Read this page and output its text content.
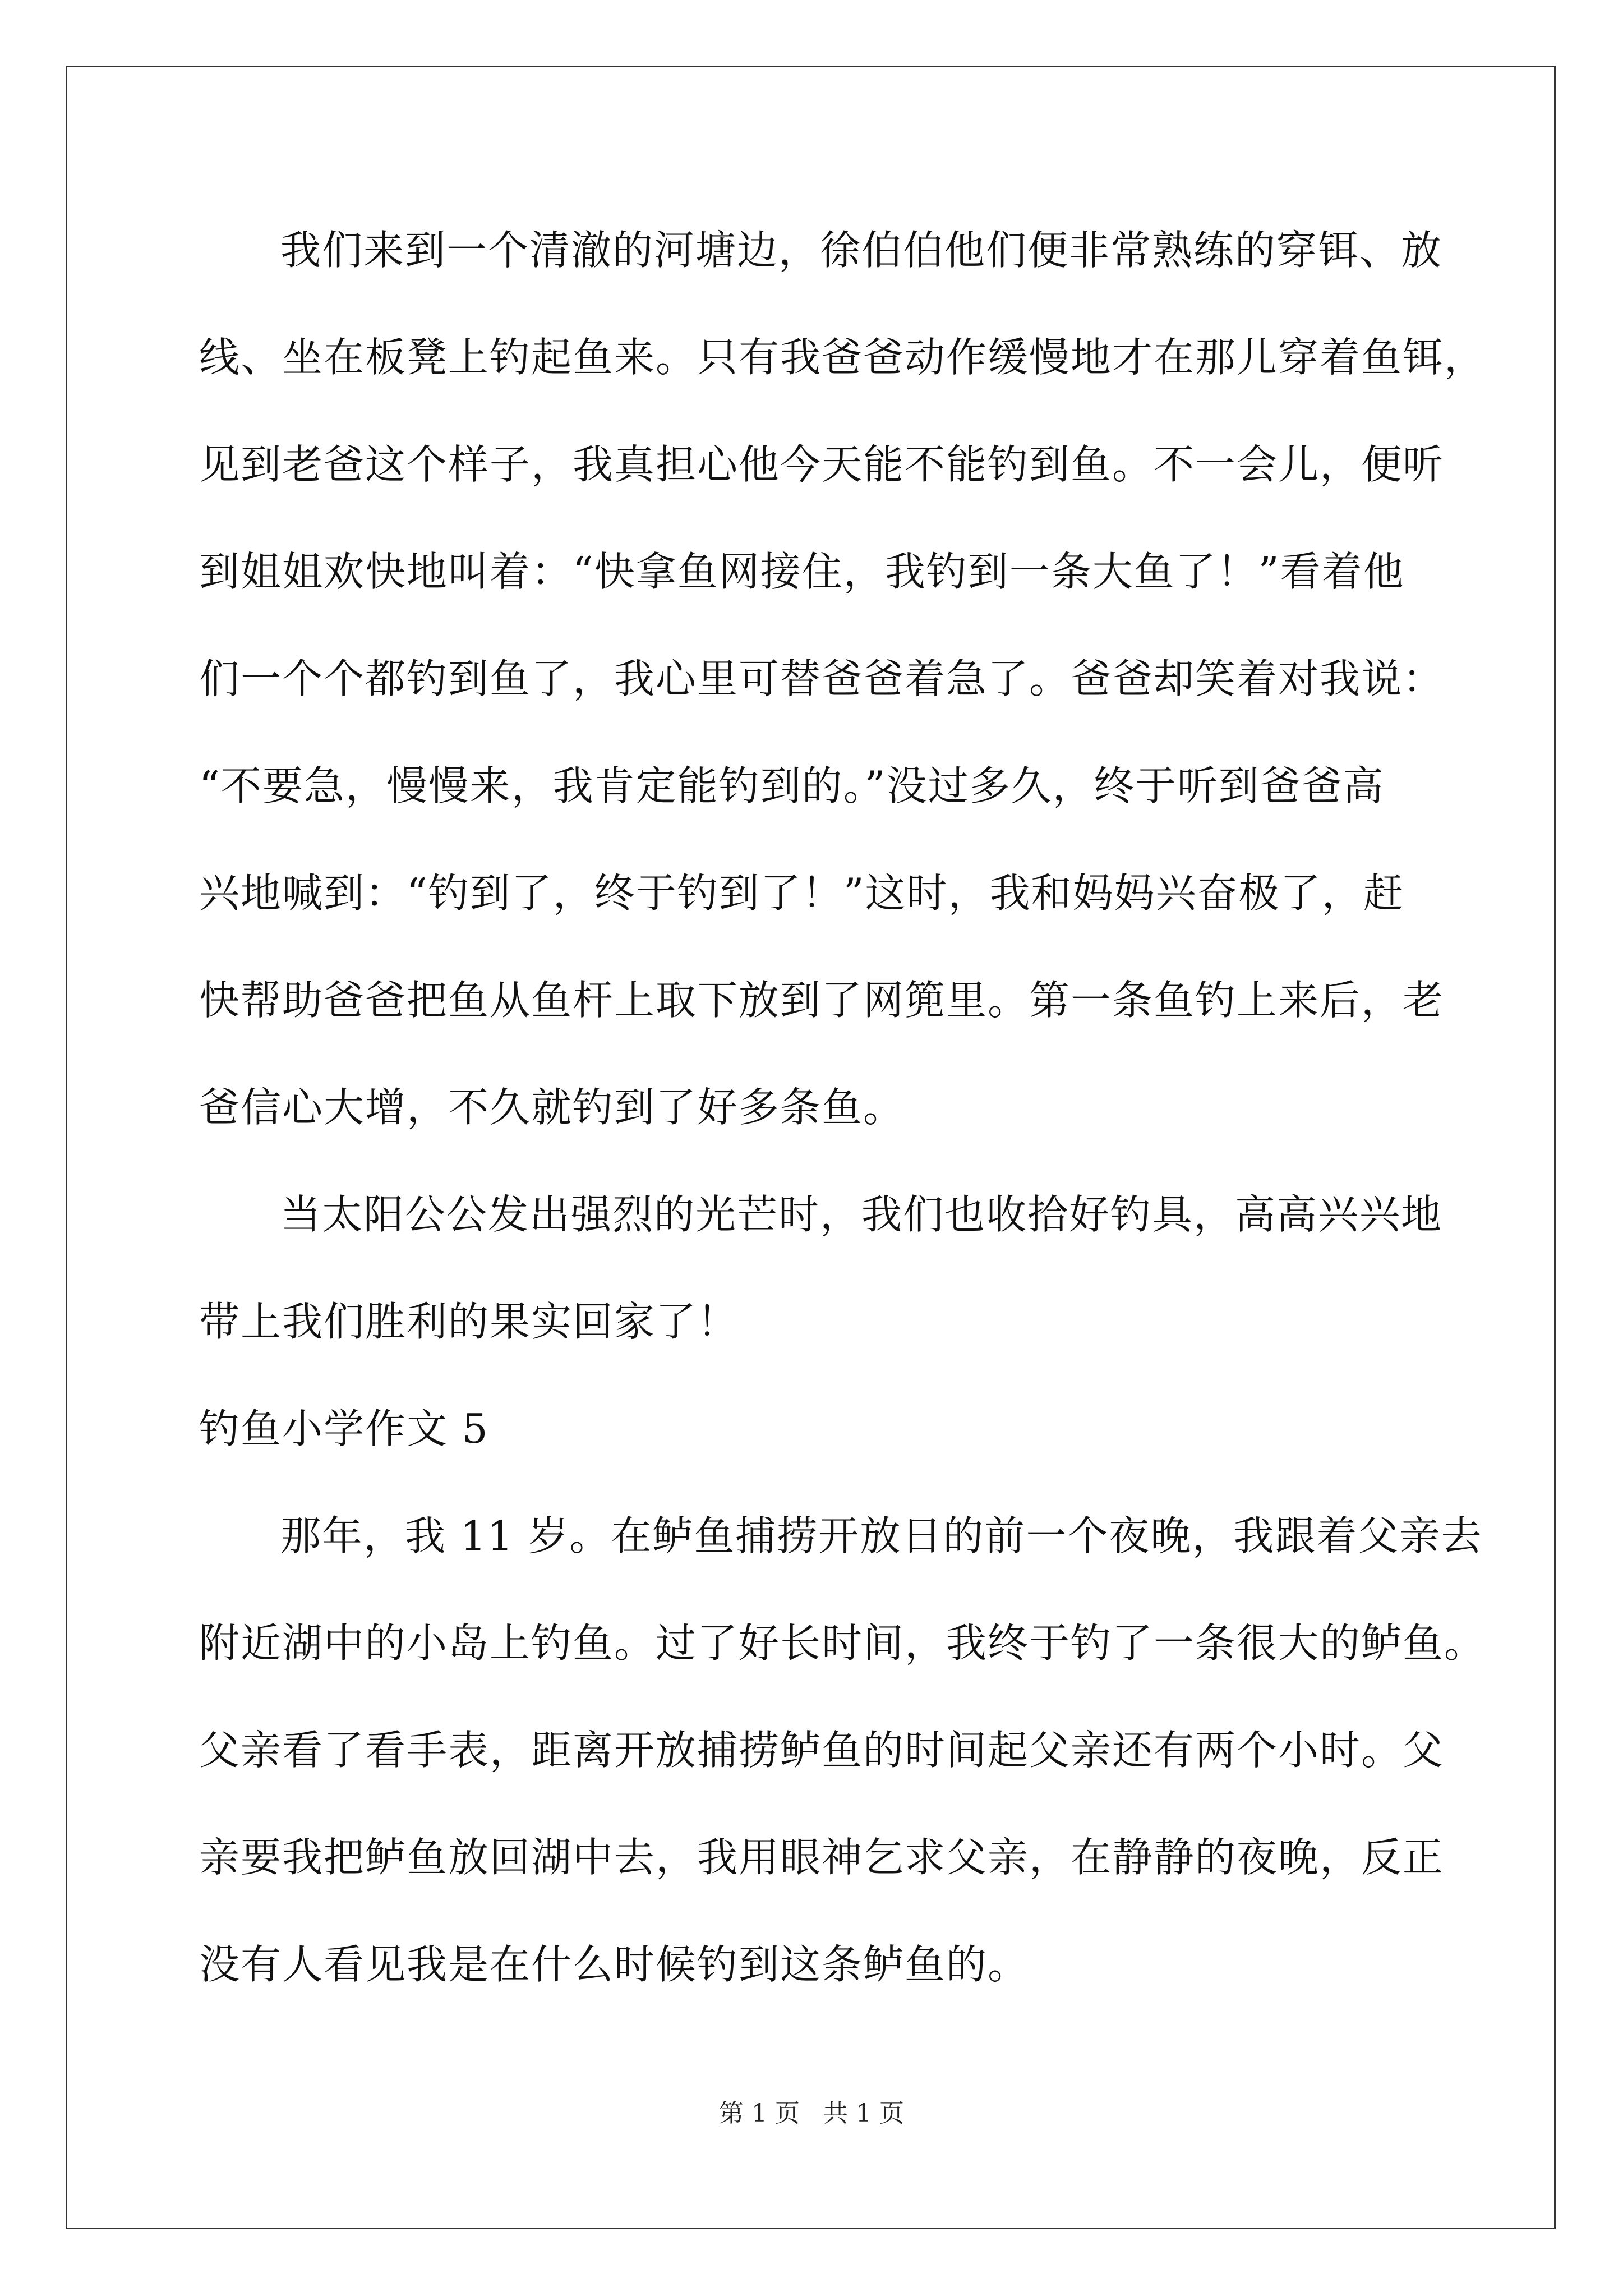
我们来到一个清澈的河塘边，徐伯伯他们便非常熟练的穿铒、放
线、坐在板凳上钓起鱼来。只有我爸爸动作缓慢地才在那儿穿着鱼铒，
见到老爸这个样子，我真担心他今天能不能钓到鱼。不一会儿，便听
到姐姐欢快地叫着：“快拿鱼网接住，我钓到一条大鱼了！”看着他
们一个个都钓到鱼了，我心里可替爸爸着急了。爸爸却笑着对我说：
“不要急，慢慢来，我肯定能钓到的。”没过多久，终于听到爸爸高
兴地喊到：“钓到了，终于钓到了！”这时，我和妈妈兴奋极了，赶
快帮助爸爸把鱼从鱼杆上取下放到了网篼里。第一条鱼钓上来后，老
爸信心大增，不久就钓到了好多条鱼。
当太阳公公发出强烈的光芒时，我们也收拾好钓具，高高兴兴地
带上我们胜利的果实回家了！
钓鱼小学作文 5
那年，我 11 岁。在鲈鱼捕捞开放日的前一个夜晚，我跟着父亲去
附近湖中的小岛上钓鱼。过了好长时间，我终于钓了一条很大的鲈鱼。
父亲看了看手表，距离开放捕捞鲈鱼的时间起父亲还有两个小时。父
亲要我把鲈鱼放回湖中去，我用眼神乞求父亲，在静静的夜晚，反正
没有人看见我是在什么时候钓到这条鲈鱼的。
第 1 页 共 1 页
